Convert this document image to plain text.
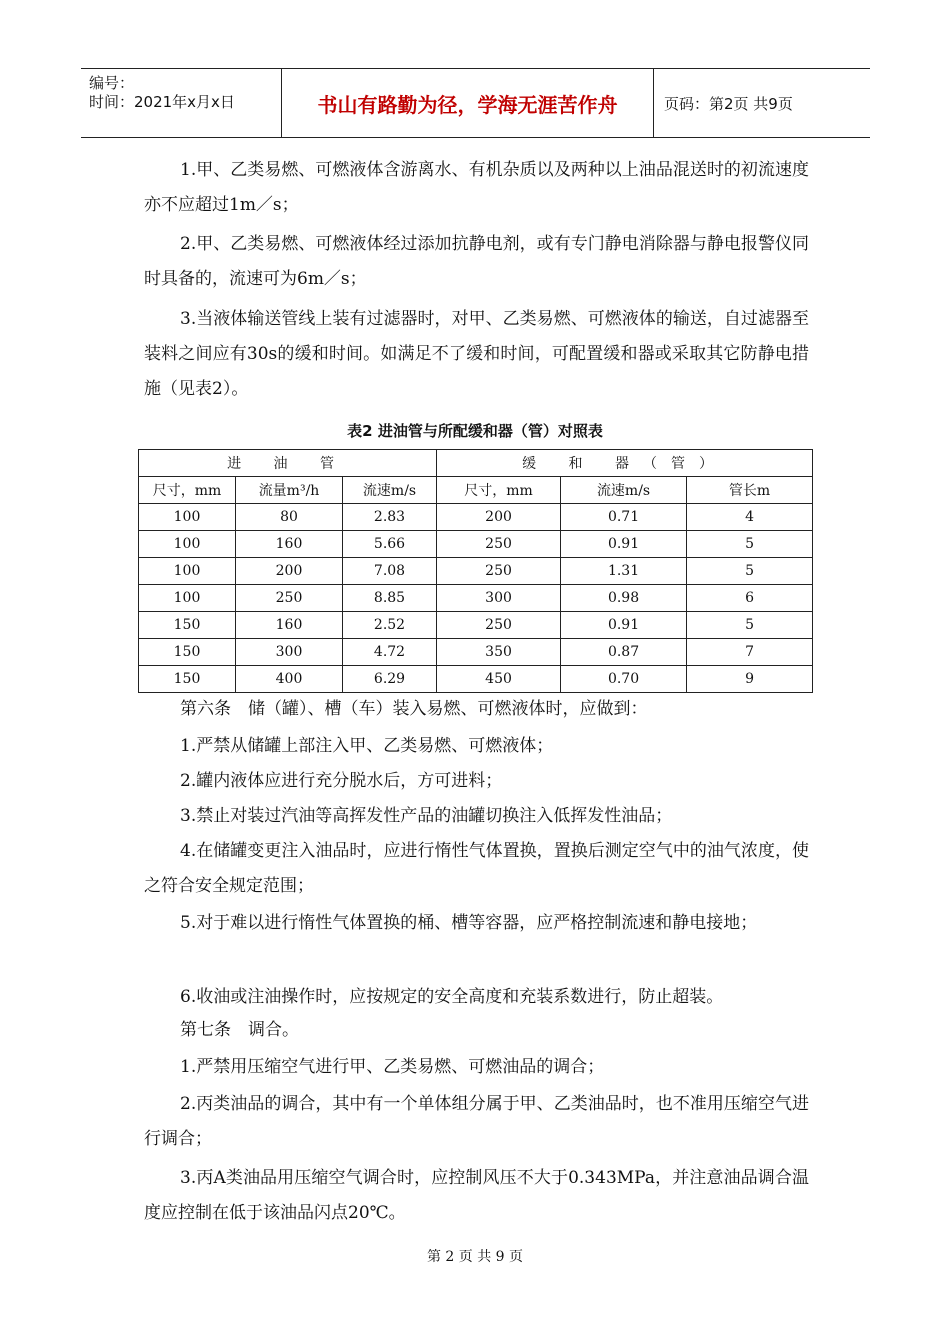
编号：
时间：2021年x月x日	书山有路勤为径，学海无涯苦作舟	页码：第2页 共9页
1.甲、乙类易燃、可燃液体含游离水、有机杂质以及两种以上油品混送时的初流速度亦不应超过1m／s；
2.甲、乙类易燃、可燃液体经过添加抗静电剂，或有专门静电消除器与静电报警仪同时具备的，流速可为6m／s；
3.当液体输送管线上装有过滤器时，对甲、乙类易燃、可燃液体的输送，自过滤器至装料之间应有30s的缓和时间。如满足不了缓和时间，可配置缓和器或采取其它防静电措施（见表2）。
表2 进油管与所配缓和器（管）对照表
进 油 管			缓 和 器（管）		
尺寸，mm	流量m³/h	流速m/s	尺寸，mm	流速m/s	管长m
100	80	2.83	200	0.71	4
100	160	5.66	250	0.91	5
100	200	7.08	250	1.31	5
100	250	8.85	300	0.98	6
150	160	2.52	250	0.91	5
150	300	4.72	350	0.87	7
150	400	6.29	450	0.70	9
第六条　储（罐）、槽（车）装入易燃、可燃液体时，应做到：
1.严禁从储罐上部注入甲、乙类易燃、可燃液体；
2.罐内液体应进行充分脱水后，方可进料；
3.禁止对装过汽油等高挥发性产品的油罐切换注入低挥发性油品；
4.在储罐变更注入油品时，应进行惰性气体置换，置换后测定空气中的油气浓度，使之符合安全规定范围；
5.对于难以进行惰性气体置换的桶、槽等容器，应严格控制流速和静电接地；
6.收油或注油操作时，应按规定的安全高度和充装系数进行，防止超装。
第七条　调合。
1.严禁用压缩空气进行甲、乙类易燃、可燃油品的调合；
2.丙类油品的调合，其中有一个单体组分属于甲、乙类油品时，也不准用压缩空气进行调合；
3.丙A类油品用压缩空气调合时，应控制风压不大于0.343MPa，并注意油品调合温度应控制在低于该油品闪点20℃。
第 2 页 共 9 页
